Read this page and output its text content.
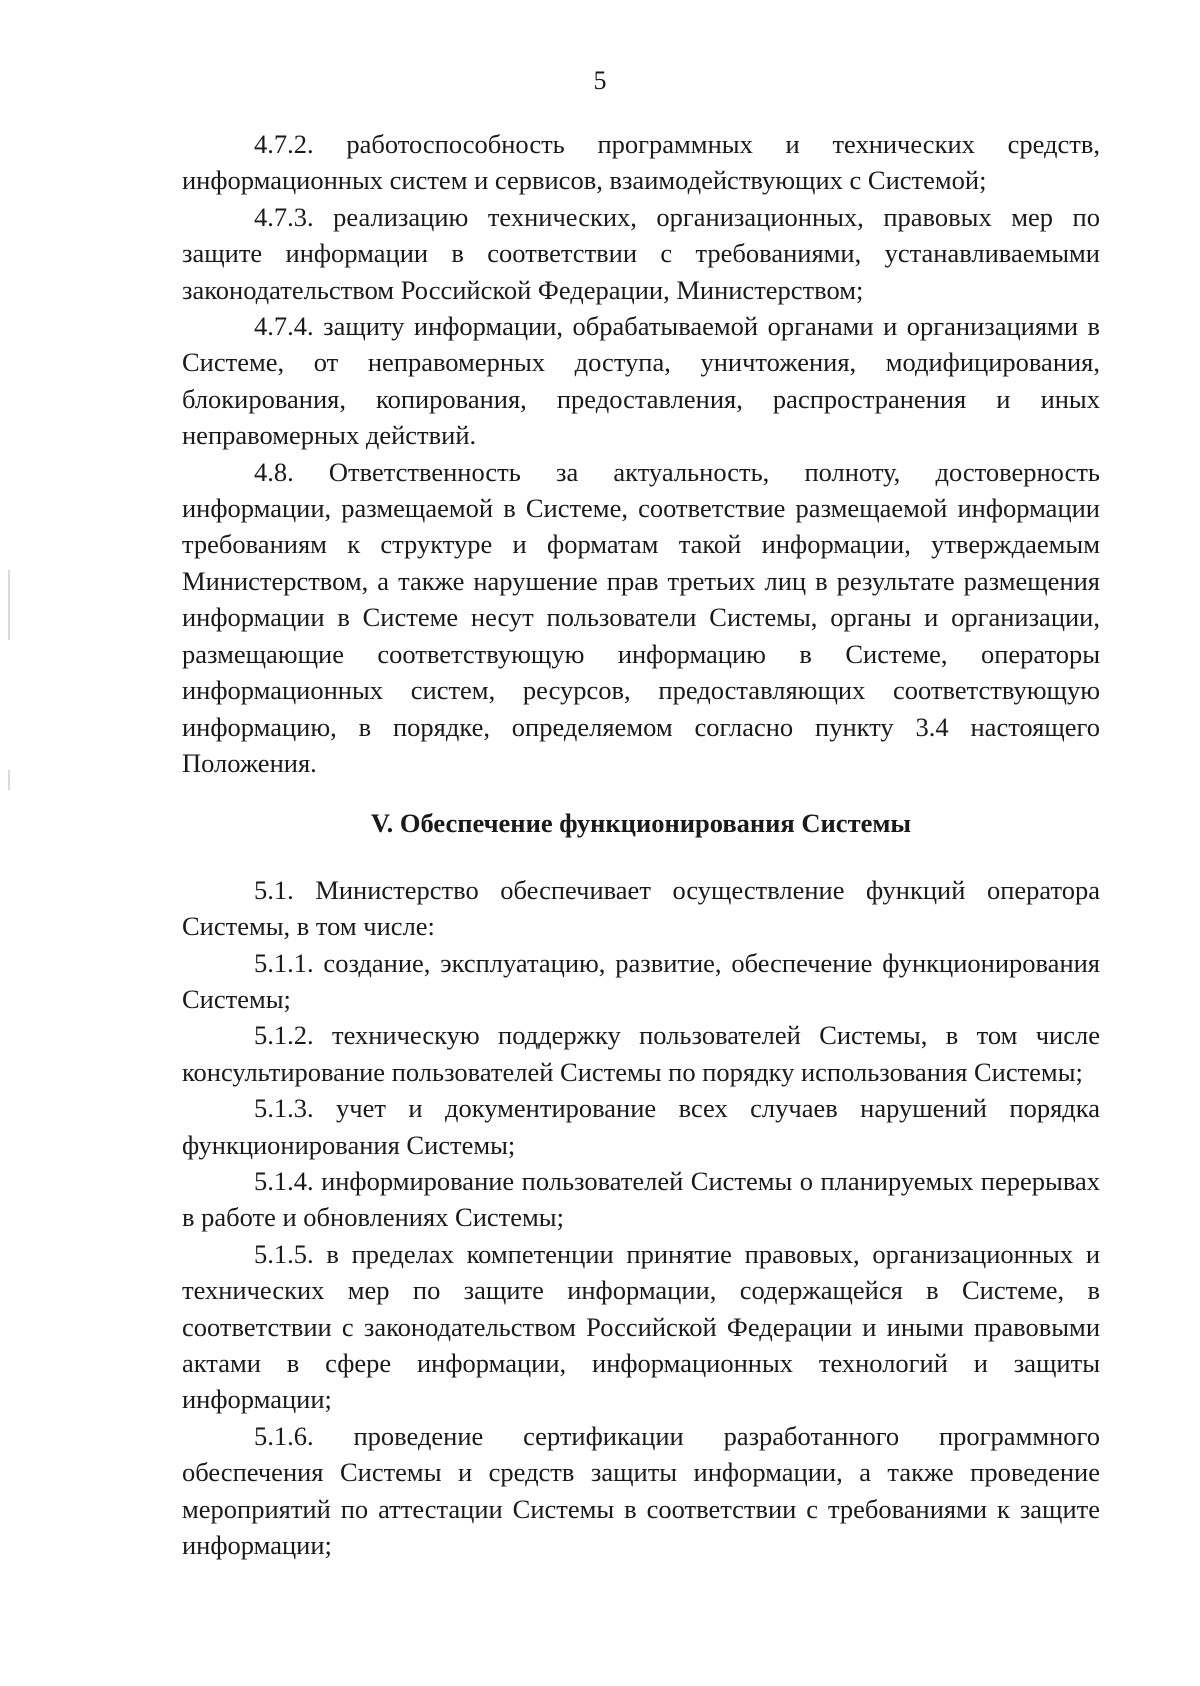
5

4.7.2. работоспособность программных и технических средств, информационных систем и сервисов, взаимодействующих с Системой;

4.7.3. реализацию технических, организационных, правовых мер по защите информации в соответствии с требованиями, устанавливаемыми законодательством Российской Федерации, Министерством;

4.7.4. защиту информации, обрабатываемой органами и организациями в Системе, от неправомерных доступа, уничтожения, модифицирования, блокирования, копирования, предоставления, распространения и иных неправомерных действий.

4.8. Ответственность за актуальность, полноту, достоверность информации, размещаемой в Системе, соответствие размещаемой информации требованиям к структуре и форматам такой информации, утверждаемым Министерством, а также нарушение прав третьих лиц в результате размещения информации в Системе несут пользователи Системы, органы и организации, размещающие соответствующую информацию в Системе, операторы информационных систем, ресурсов, предоставляющих соответствующую информацию, в порядке, определяемом согласно пункту 3.4 настоящего Положения.

V. Обеспечение функционирования Системы

5.1. Министерство обеспечивает осуществление функций оператора Системы, в том числе:

5.1.1. создание, эксплуатацию, развитие, обеспечение функционирования Системы;

5.1.2. техническую поддержку пользователей Системы, в том числе консультирование пользователей Системы по порядку использования Системы;

5.1.3. учет и документирование всех случаев нарушений порядка функционирования Системы;

5.1.4. информирование пользователей Системы о планируемых перерывах в работе и обновлениях Системы;

5.1.5. в пределах компетенции принятие правовых, организационных и технических мер по защите информации, содержащейся в Системе, в соответствии с законодательством Российской Федерации и иными правовыми актами в сфере информации, информационных технологий и защиты информации;

5.1.6. проведение сертификации разработанного программного обеспечения Системы и средств защиты информации, а также проведение мероприятий по аттестации Системы в соответствии с требованиями к защите информации;
